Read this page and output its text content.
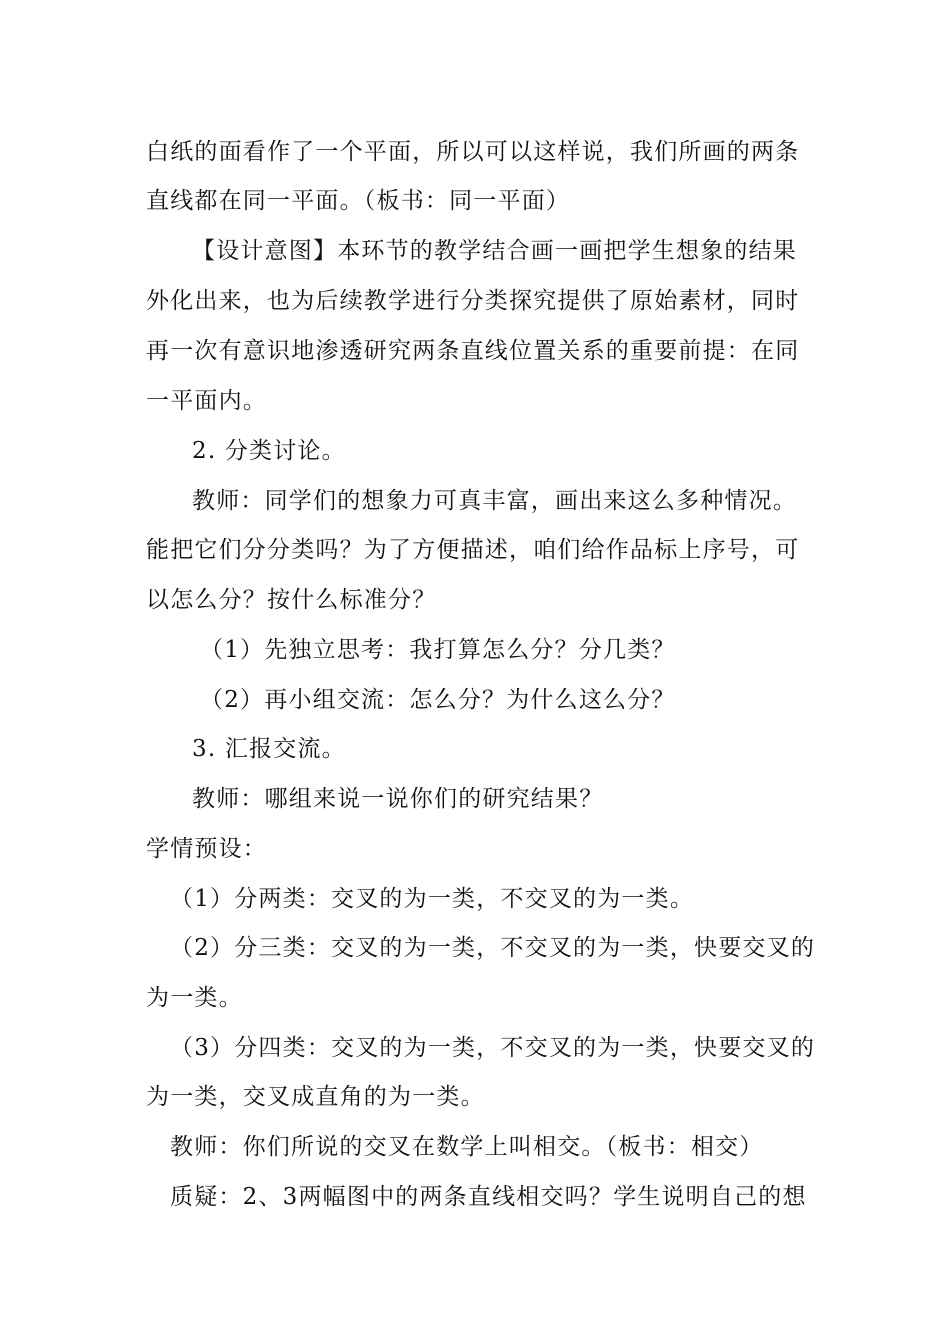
白纸的面看作了一个平面，所以可以这样说，我们所画的两条
直线都在同一平面。（板书：同一平面）
【设计意图】本环节的教学结合画一画把学生想象的结果
外化出来，也为后续教学进行分类探究提供了原始素材，同时
再一次有意识地渗透研究两条直线位置关系的重要前提：在同
一平面内。
2. 分类讨论。
教师：同学们的想象力可真丰富，画出来这么多种情况。
能把它们分分类吗？为了方便描述，咱们给作品标上序号，可
以怎么分？按什么标准分？
（1）先独立思考：我打算怎么分？分几类？
（2）再小组交流：怎么分？为什么这么分？
3. 汇报交流。
教师：哪组来说一说你们的研究结果？
学情预设：
（1）分两类：交叉的为一类，不交叉的为一类。
（2）分三类：交叉的为一类，不交叉的为一类，快要交叉的
为一类。
（3）分四类：交叉的为一类，不交叉的为一类，快要交叉的
为一类，交叉成直角的为一类。
教师：你们所说的交叉在数学上叫相交。（板书：相交）
质疑：2、3两幅图中的两条直线相交吗？学生说明自己的想
